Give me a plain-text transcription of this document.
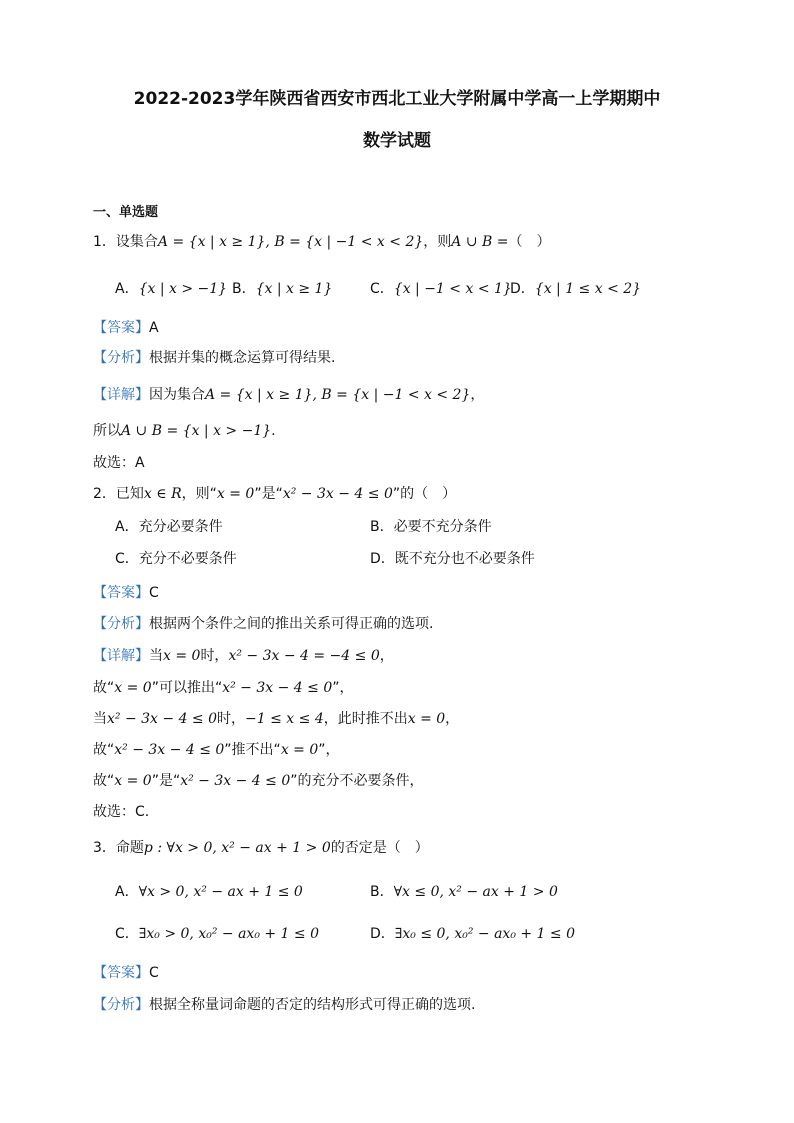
2022-2023学年陕西省西安市西北工业大学附属中学高一上学期期中
数学试题
一、单选题
1．设集合A = {x | x ≥ 1}, B = {x | −1 < x < 2}，则A ∪ B =（　）
A．{x | x > −1} B．{x | x ≥ 1}	C．{x | −1 < x < 1}
D．{x | 1 ≤ x < 2}
【答案】A
【分析】根据并集的概念运算可得结果.
【详解】因为集合A = {x | x ≥ 1}, B = {x | −1 < x < 2}，
所以A ∪ B = {x | x > −1}.
故选：A
2．已知x ∈ R，则“x = 0”是“x² − 3x − 4 ≤ 0”的（　）
A．充分必要条件	B．必要不充分条件
C．充分不必要条件	D．既不充分也不必要条件
【答案】C
【分析】根据两个条件之间的推出关系可得正确的选项.
【详解】当x = 0时，x² − 3x − 4 = −4 ≤ 0，
故“x = 0”可以推出“x² − 3x − 4 ≤ 0”，
当x² − 3x − 4 ≤ 0时，−1 ≤ x ≤ 4，此时推不出x = 0，
故“x² − 3x − 4 ≤ 0”推不出“x = 0”，
故“x = 0”是“x² − 3x − 4 ≤ 0”的充分不必要条件，
故选：C.
3．命题p : ∀x > 0, x² − ax + 1 > 0的否定是（　）
A．∀x > 0, x² − ax + 1 ≤ 0	B．∀x ≤ 0, x² − ax + 1 > 0
C．∃x₀ > 0, x₀² − ax₀ + 1 ≤ 0	D．∃x₀ ≤ 0, x₀² − ax₀ + 1 ≤ 0
【答案】C
【分析】根据全称量词命题的否定的结构形式可得正确的选项.
